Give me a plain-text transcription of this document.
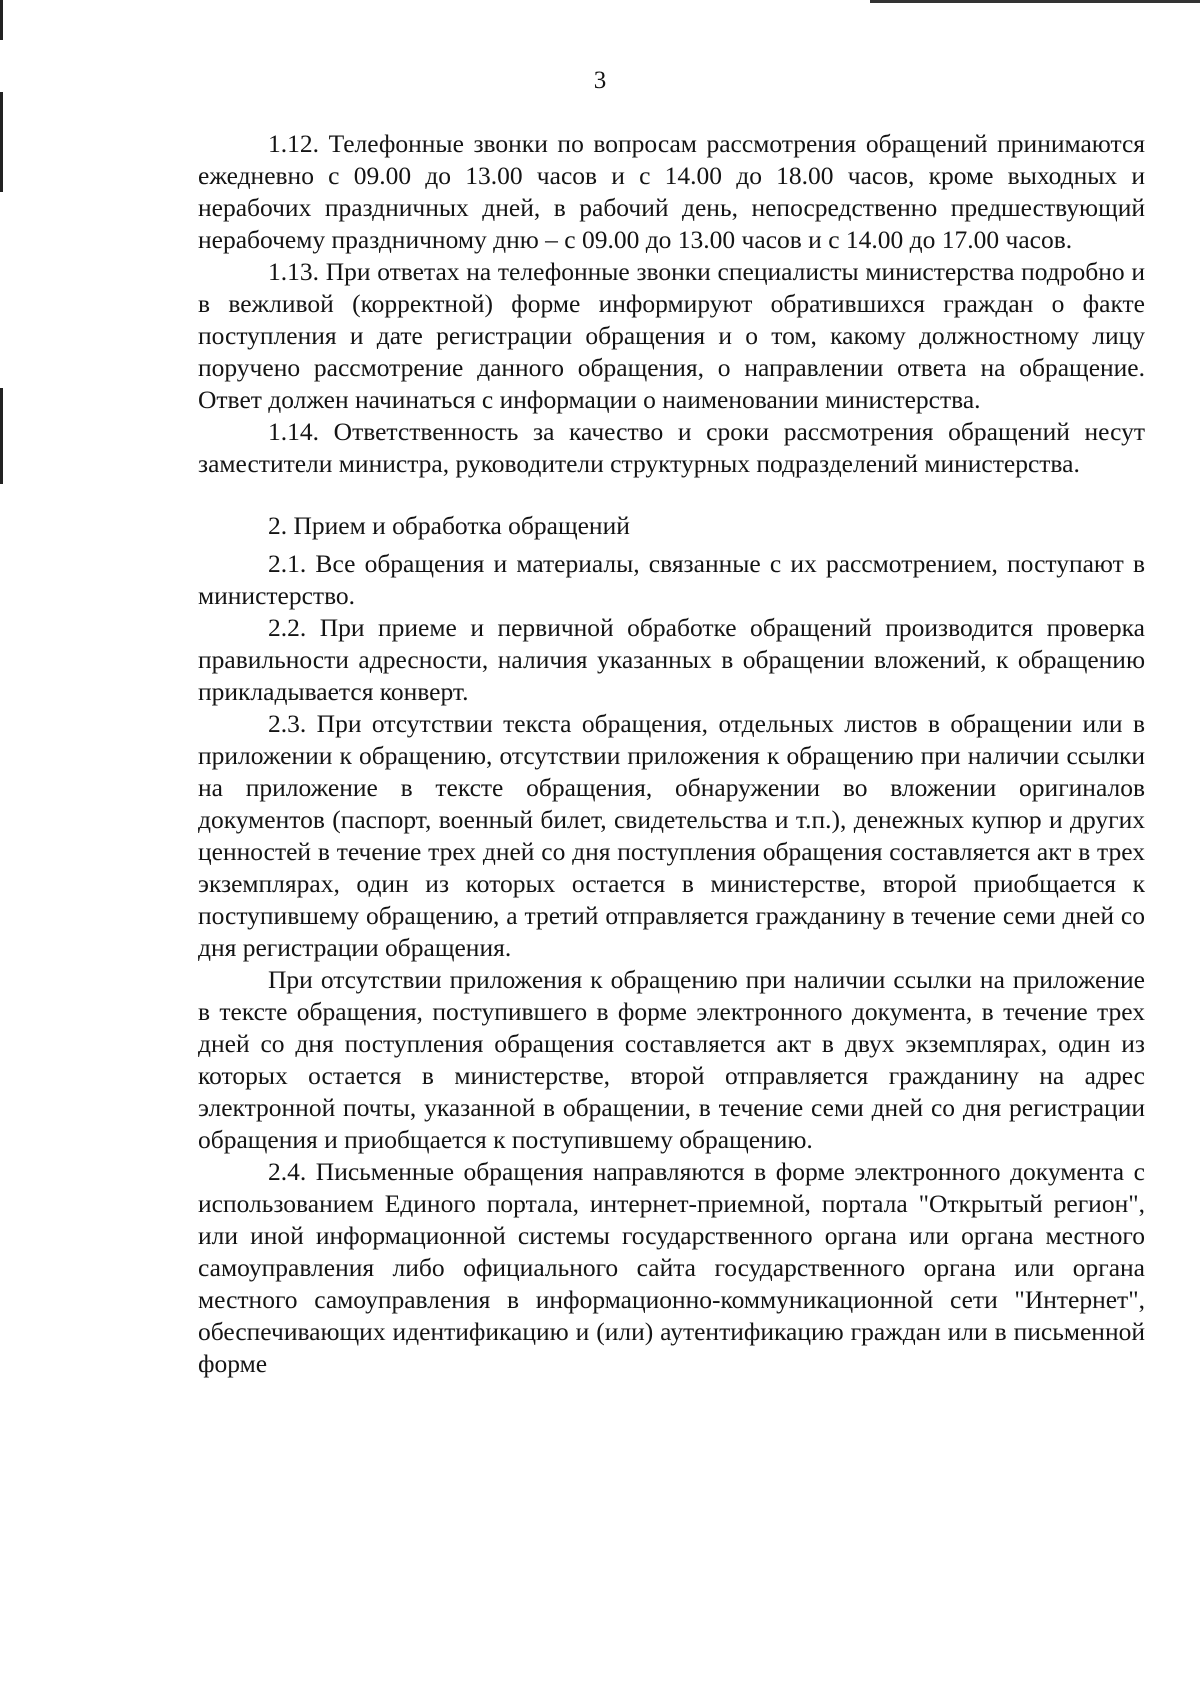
3

1.12. Телефонные звонки по вопросам рассмотрения обращений принимаются ежедневно с 09.00 до 13.00 часов и с 14.00 до 18.00 часов, кроме выходных и нерабочих праздничных дней, в рабочий день, непосредственно предшествующий нерабочему праздничному дню – с 09.00 до 13.00 часов и с 14.00 до 17.00 часов.

1.13. При ответах на телефонные звонки специалисты министерства подробно и в вежливой (корректной) форме информируют обратившихся граждан о факте поступления и дате регистрации обращения и о том, какому должностному лицу поручено рассмотрение данного обращения, о направлении ответа на обращение. Ответ должен начинаться с информации о наименовании министерства.

1.14. Ответственность за качество и сроки рассмотрения обращений несут заместители министра, руководители структурных подразделений министерства.

2. Прием и обработка обращений

2.1. Все обращения и материалы, связанные с их рассмотрением, поступают в министерство.

2.2. При приеме и первичной обработке обращений производится проверка правильности адресности, наличия указанных в обращении вложений, к обращению прикладывается конверт.

2.3. При отсутствии текста обращения, отдельных листов в обращении или в приложении к обращению, отсутствии приложения к обращению при наличии ссылки на приложение в тексте обращения, обнаружении во вложении оригиналов документов (паспорт, военный билет, свидетельства и т.п.), денежных купюр и других ценностей в течение трех дней со дня поступления обращения составляется акт в трех экземплярах, один из которых остается в министерстве, второй приобщается к поступившему обращению, а третий отправляется гражданину в течение семи дней со дня регистрации обращения.

При отсутствии приложения к обращению при наличии ссылки на приложение в тексте обращения, поступившего в форме электронного документа, в течение трех дней со дня поступления обращения составляется акт в двух экземплярах, один из которых остается в министерстве, второй отправляется гражданину на адрес электронной почты, указанной в обращении, в течение семи дней со дня регистрации обращения и приобщается к поступившему обращению.

2.4. Письменные обращения направляются в форме электронного документа с использованием Единого портала, интернет-приемной, портала "Открытый регион", или иной информационной системы государственного органа или органа местного самоуправления либо официального сайта государственного органа или органа местного самоуправления в информационно-коммуникационной сети "Интернет", обеспечивающих идентификацию и (или) аутентификацию граждан или в письменной форме
